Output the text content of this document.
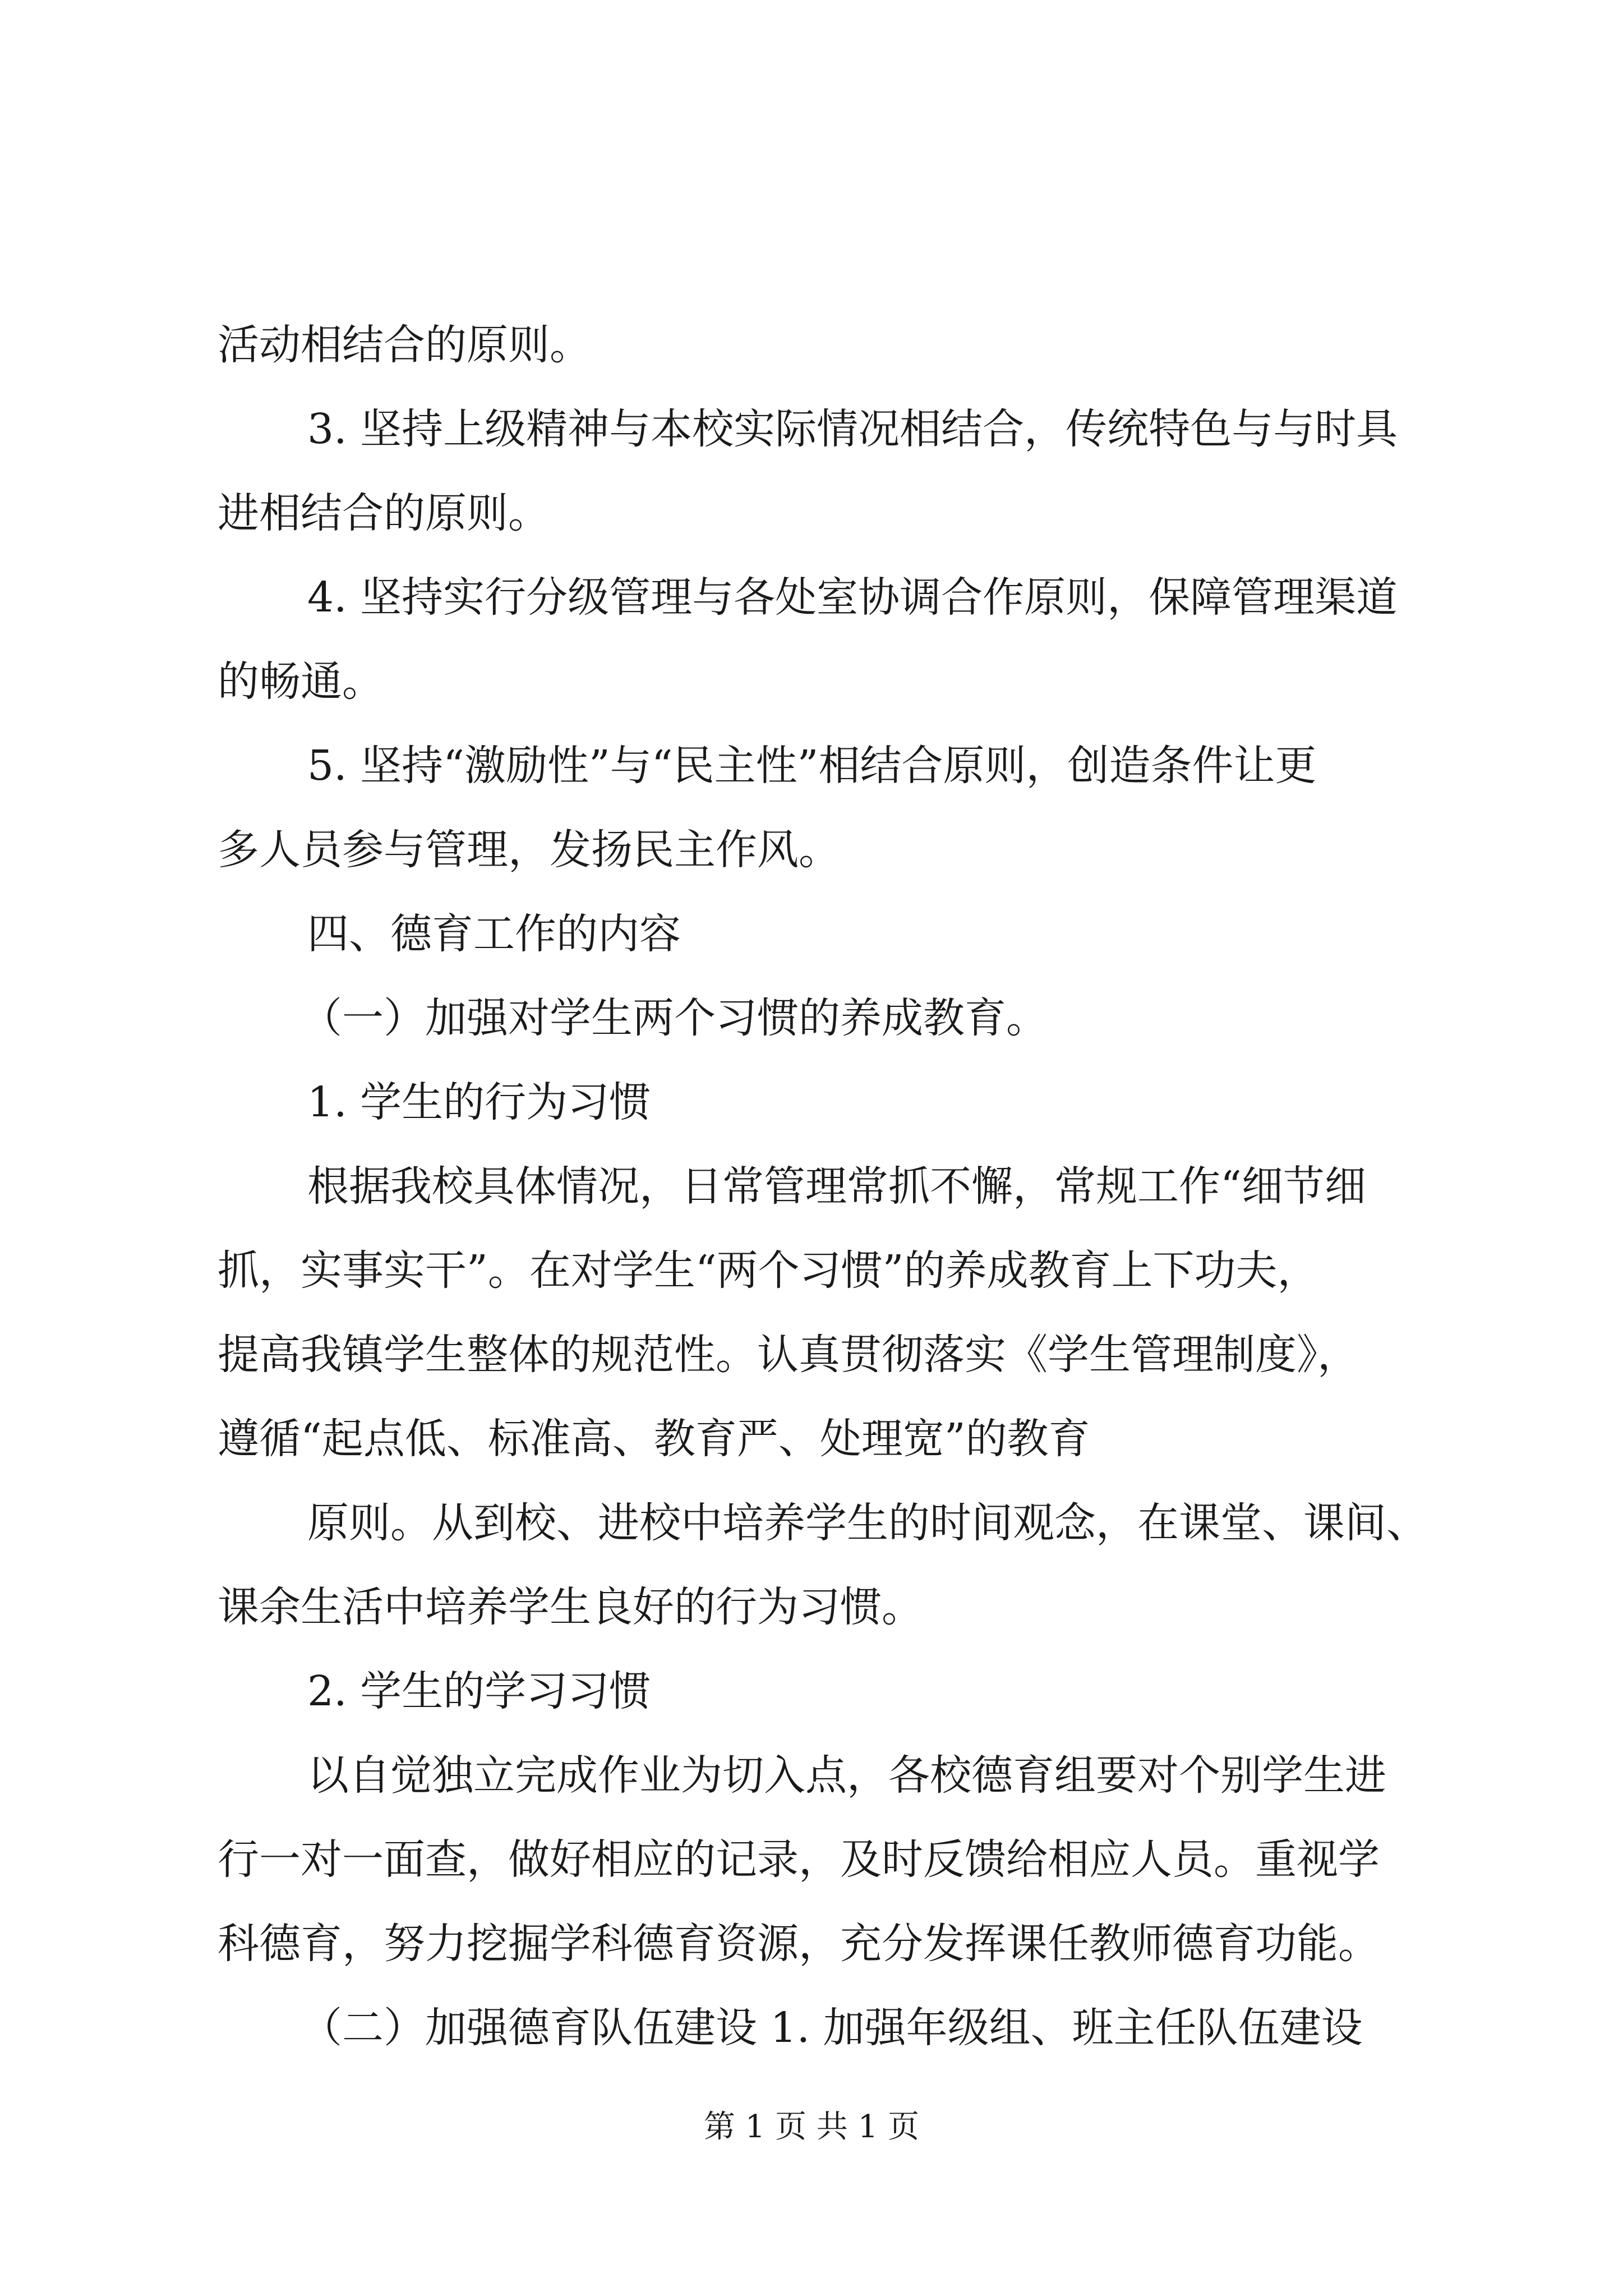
活动相结合的原则。
3. 坚持上级精神与本校实际情况相结合，传统特色与与时具
进相结合的原则。
4. 坚持实行分级管理与各处室协调合作原则，保障管理渠道
的畅通。
5. 坚持“激励性”与“民主性”相结合原则，创造条件让更
多人员参与管理，发扬民主作风。
四、德育工作的内容
（一）加强对学生两个习惯的养成教育。
1. 学生的行为习惯
根据我校具体情况，日常管理常抓不懈，常规工作“细节细
抓，实事实干”。在对学生“两个习惯”的养成教育上下功夫，
提高我镇学生整体的规范性。认真贯彻落实《学生管理制度》，
遵循“起点低、标准高、教育严、处理宽”的教育
原则。从到校、进校中培养学生的时间观念，在课堂、课间、
课余生活中培养学生良好的行为习惯。
2. 学生的学习习惯
以自觉独立完成作业为切入点，各校德育组要对个别学生进
行一对一面查，做好相应的记录，及时反馈给相应人员。重视学
科德育，努力挖掘学科德育资源，充分发挥课任教师德育功能。
（二）加强德育队伍建设 1. 加强年级组、班主任队伍建设
第 1 页 共 1 页
